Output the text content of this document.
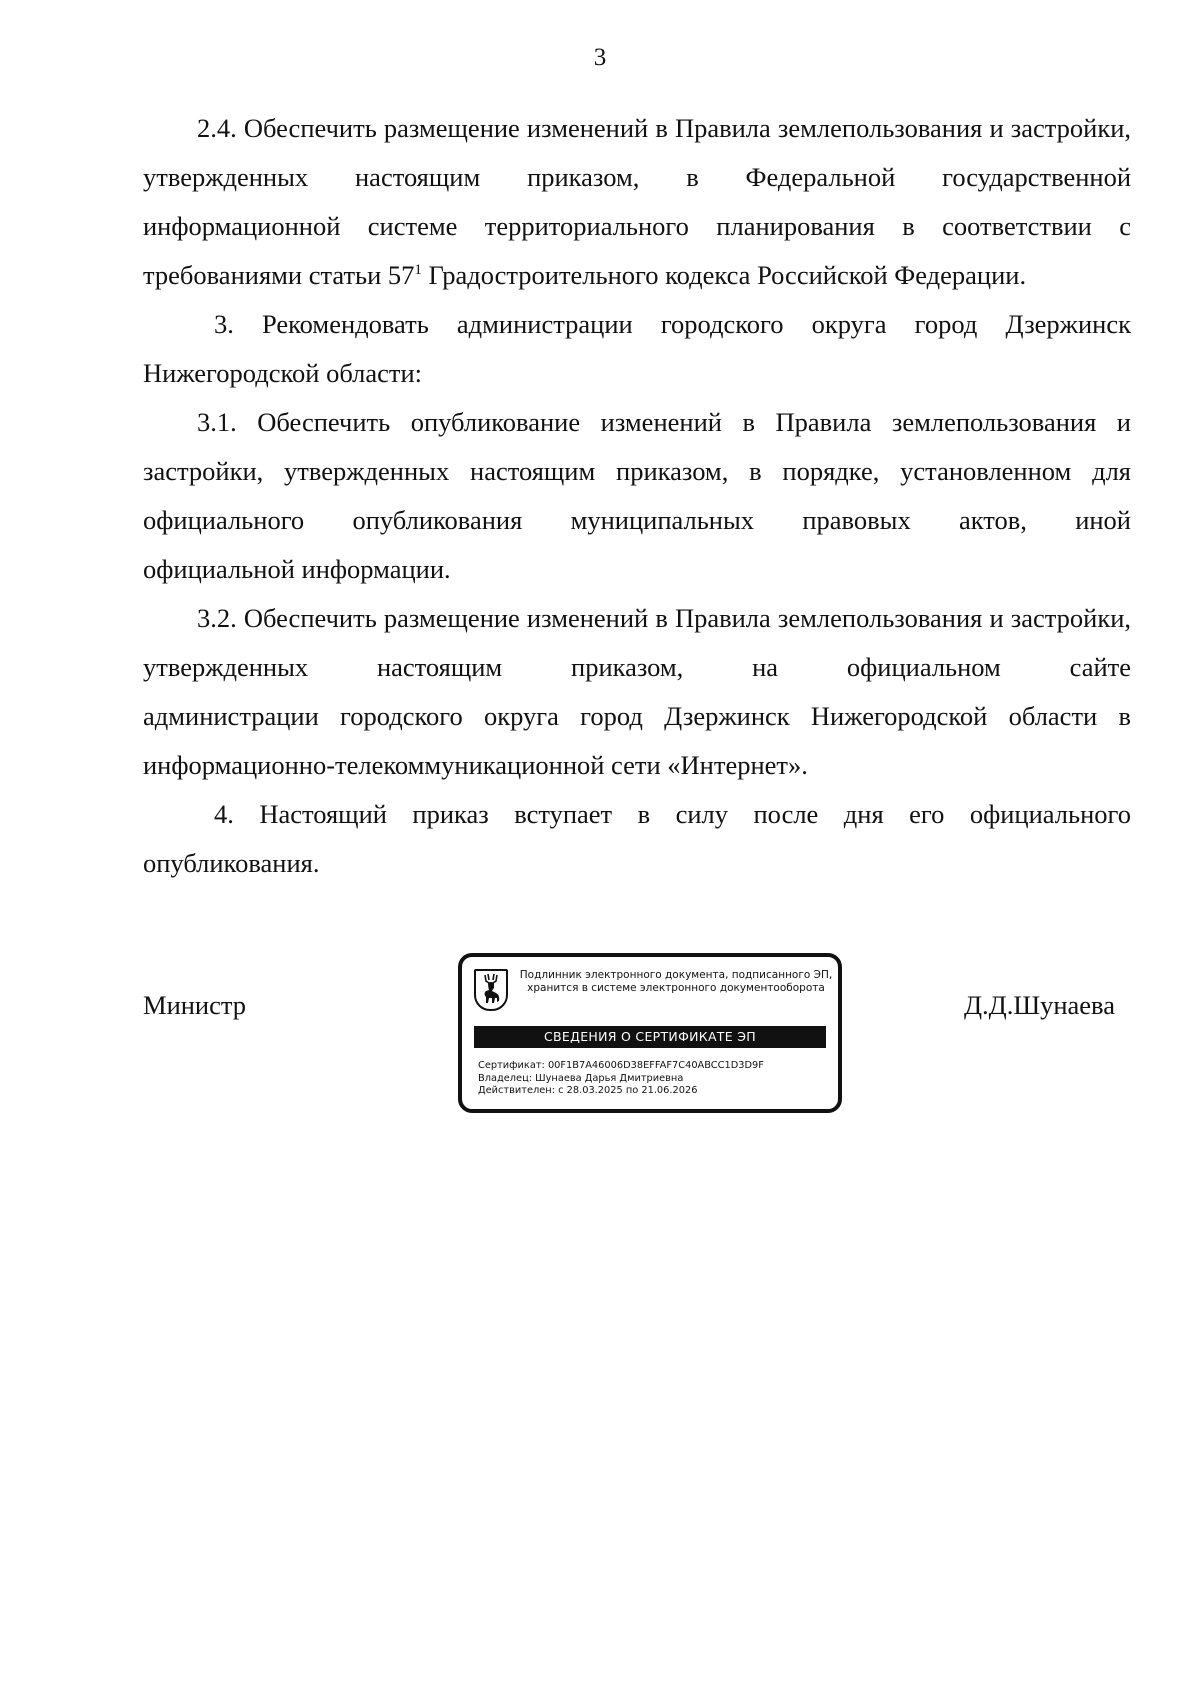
3

2.4. Обеспечить размещение изменений в Правила землепользования и застройки, утвержденных настоящим приказом, в Федеральной государственной информационной системе территориального планирования в соответствии с требованиями статьи $57^1$ Градостроительного кодекса Российской Федерации.

3. Рекомендовать администрации городского округа город Дзержинск Нижегородской области:

3.1. Обеспечить опубликование изменений в Правила землепользования и застройки, утвержденных настоящим приказом, в порядке, установленном для официального опубликования муниципальных правовых актов, иной

официальной информации.

3.2. Обеспечить размещение изменений в Правила землепользования и застройки, утвержденных настоящим приказом, на официальном сайте

администрации городского округа город Дзержинск Нижегородской области в информационно-телекоммуникационной сети «Интернет».

4. Настоящий приказ вступает в силу после дня его официального опубликования.

Министр	Д.Д.Шунаева
Подлинник электронного документа, подписанного ЭП,
хранится в системе электронного документооборота
СВЕДЕНИЯ О СЕРТИФИКАТЕ ЭП
Сертификат: 00F1B7A46006D38EFFAF7C40ABCC1D3D9F
Владелец: Шунаева Дарья Дмитриевна
Действителен: с 28.03.2025 по 21.06.2026
